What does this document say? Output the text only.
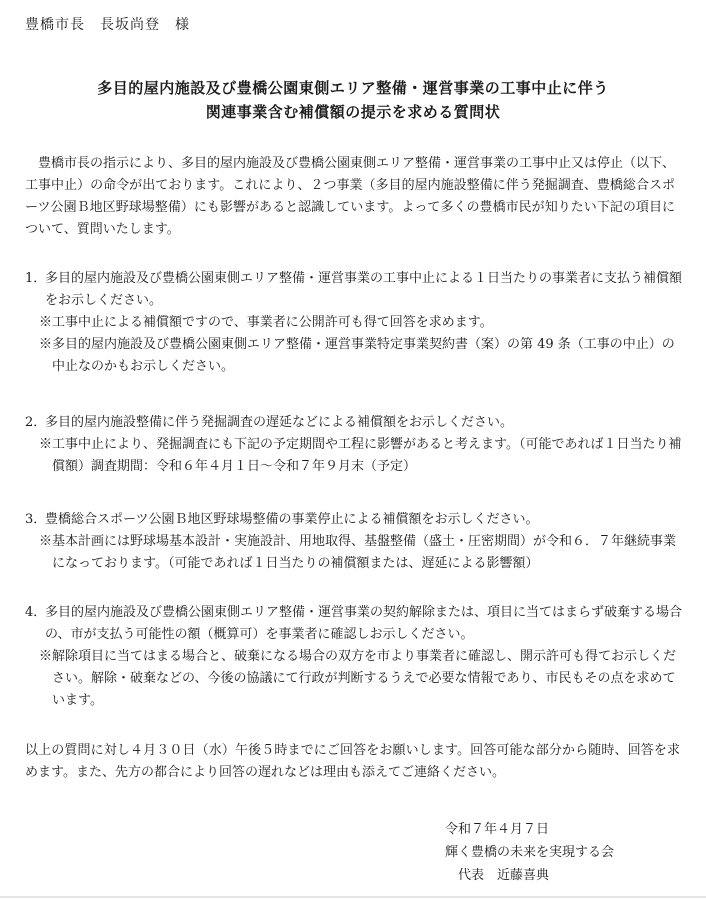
豊橋市長　長坂尚登　様
多目的屋内施設及び豊橋公園東側エリア整備・運営事業の工事中止に伴う
関連事業含む補償額の提示を求める質問状
豊橋市長の指示により、多目的屋内施設及び豊橋公園東側エリア整備・運営事業の工事中止又は停止（以下、工事中止）の命令が出ております。これにより、２つ事業（多目的屋内施設整備に伴う発掘調査、豊橋総合スポーツ公園Ｂ地区野球場整備）にも影響があると認識しています。よって多くの豊橋市民が知りたい下記の項目について、質問いたします。
1．
多目的屋内施設及び豊橋公園東側エリア整備・運営事業の工事中止による１日当たりの事業者に支払う補償額をお示しください。
※工事中止による補償額ですので、事業者に公開許可も得て回答を求めます。
※多目的屋内施設及び豊橋公園東側エリア整備・運営事業特定事業契約書（案）の第 49 条（工事の中止）の中止なのかもお示しください。
2．
多目的屋内施設整備に伴う発掘調査の遅延などによる補償額をお示しください。
※工事中止により、発掘調査にも下記の予定期間や工程に影響があると考えます。（可能であれば１日当たり補償額）調査期間：令和６年４月１日～令和７年９月末（予定）
3．
豊橋総合スポーツ公園Ｂ地区野球場整備の事業停止による補償額をお示しください。
※基本計画には野球場基本設計・実施設計、用地取得、基盤整備（盛土・圧密期間）が令和６．７年継続事業になっております。（可能であれば１日当たりの補償額または、遅延による影響額）
4．
多目的屋内施設及び豊橋公園東側エリア整備・運営事業の契約解除または、項目に当てはまらず破棄する場合の、市が支払う可能性の額（概算可）を事業者に確認しお示しください。
※解除項目に当てはまる場合と、破棄になる場合の双方を市より事業者に確認し、開示許可も得てお示しください。解除・破棄などの、今後の協議にて行政が判断するうえで必要な情報であり、市民もその点を求めています。
以上の質問に対し４月３０日（水）午後５時までにご回答をお願いします。回答可能な部分から随時、回答を求めます。また、先方の都合により回答の遅れなどは理由も添えてご連絡ください。
令和７年４月７日
輝く豊橋の未来を実現する会
　代表　近藤喜典
